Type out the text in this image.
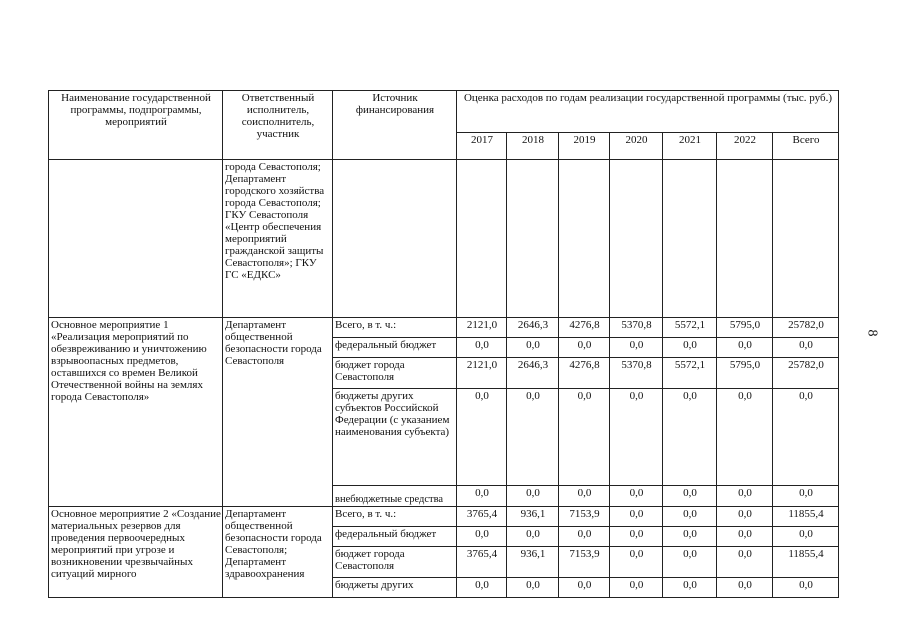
8
Наименование государственной программы, подпрограммы, мероприятий	Ответственный исполнитель, соисполнитель, участник	Источник финансирования	Оценка расходов по годам реализации государственной программы (тыс. руб.)						
			2017	2018	2019	2020	2021	2022	Всего
	города Севастополя; Департамент городского хозяйства города Севастополя; ГКУ Севастополя «Центр обеспечения мероприятий гражданской защиты Севастополя»; ГКУ ГС «ЕДКС»								
Основное мероприятие 1 «Реализация мероприятий по обезвреживанию и уничтожению взрывоопасных предметов, оставшихся со времен Великой Отечественной войны на землях города Севастополя»	Департамент общественной безопасности города Севастополя	Всего, в т. ч.:	2121,0	2646,3	4276,8	5370,8	5572,1	5795,0	25782,0
		федеральный бюджет	0,0	0,0	0,0	0,0	0,0	0,0	0,0
		бюджет города Севастополя	2121,0	2646,3	4276,8	5370,8	5572,1	5795,0	25782,0
		бюджеты других субъектов Российской Федерации (с указанием наименования субъекта)	0,0	0,0	0,0	0,0	0,0	0,0	0,0
		внебюджетные средства	0,0	0,0	0,0	0,0	0,0	0,0	0,0
Основное мероприятие 2 «Создание материальных резервов для проведения первоочередных мероприятий при угрозе и возникновении чрезвычайных ситуаций мирного	Департамент общественной безопасности города Севастополя; Департамент здравоохранения	Всего, в т. ч.:	3765,4	936,1	7153,9	0,0	0,0	0,0	11855,4
		федеральный бюджет	0,0	0,0	0,0	0,0	0,0	0,0	0,0
		бюджет города Севастополя	3765,4	936,1	7153,9	0,0	0,0	0,0	11855,4
		бюджеты других	0,0	0,0	0,0	0,0	0,0	0,0	0,0
